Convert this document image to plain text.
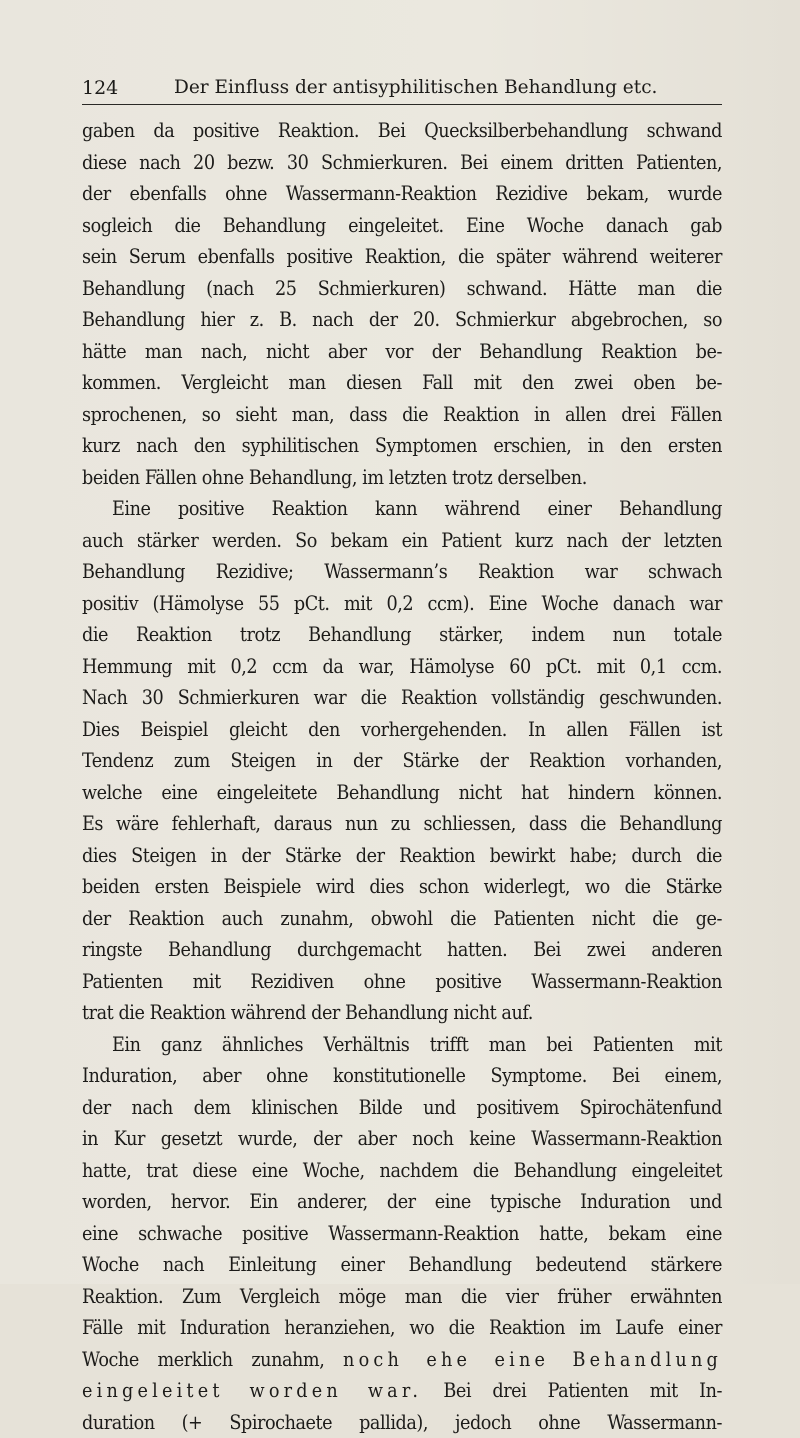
124	Der Einfluss der antisyphilitischen Behandlung etc.
gaben da positive Reaktion. Bei Quecksilberbehandlung schwand
diese nach 20 bezw. 30 Schmierkuren. Bei einem dritten Patienten,
der ebenfalls ohne Wassermann-Reaktion Rezidive bekam, wurde
sogleich die Behandlung eingeleitet. Eine Woche danach gab
sein Serum ebenfalls positive Reaktion, die später während weiterer
Behandlung (nach 25 Schmierkuren) schwand. Hätte man die
Behandlung hier z. B. nach der 20. Schmierkur abgebrochen, so
hätte man nach, nicht aber vor der Behandlung Reaktion be-
kommen. Vergleicht man diesen Fall mit den zwei oben be-
sprochenen, so sieht man, dass die Reaktion in allen drei Fällen
kurz nach den syphilitischen Symptomen erschien, in den ersten
beiden Fällen ohne Behandlung, im letzten trotz derselben.
Eine positive Reaktion kann während einer Behandlung
auch stärker werden. So bekam ein Patient kurz nach der letzten
Behandlung Rezidive; Wassermann’s Reaktion war schwach
positiv (Hämolyse 55 pCt. mit 0,2 ccm). Eine Woche danach war
die Reaktion trotz Behandlung stärker, indem nun totale
Hemmung mit 0,2 ccm da war, Hämolyse 60 pCt. mit 0,1 ccm.
Nach 30 Schmierkuren war die Reaktion vollständig geschwunden.
Dies Beispiel gleicht den vorhergehenden. In allen Fällen ist
Tendenz zum Steigen in der Stärke der Reaktion vorhanden,
welche eine eingeleitete Behandlung nicht hat hindern können.
Es wäre fehlerhaft, daraus nun zu schliessen, dass die Behandlung
dies Steigen in der Stärke der Reaktion bewirkt habe; durch die
beiden ersten Beispiele wird dies schon widerlegt, wo die Stärke
der Reaktion auch zunahm, obwohl die Patienten nicht die ge-
ringste Behandlung durchgemacht hatten. Bei zwei anderen
Patienten mit Rezidiven ohne positive Wassermann-Reaktion
trat die Reaktion während der Behandlung nicht auf.
Ein ganz ähnliches Verhältnis trifft man bei Patienten mit
Induration, aber ohne konstitutionelle Symptome. Bei einem,
der nach dem klinischen Bilde und positivem Spirochätenfund
in Kur gesetzt wurde, der aber noch keine Wassermann-Reaktion
hatte, trat diese eine Woche, nachdem die Behandlung eingeleitet
worden, hervor. Ein anderer, der eine typische Induration und
eine schwache positive Wassermann-Reaktion hatte, bekam eine
Woche nach Einleitung einer Behandlung bedeutend stärkere
Reaktion. Zum Vergleich möge man die vier früher erwähnten
Fälle mit Induration heranziehen, wo die Reaktion im Laufe einer
Woche merklich zunahm, noch ehe eine Behandlung
eingeleitet worden war. Bei drei Patienten mit In-
duration (+ Spirochaete pallida), jedoch ohne Wassermann-
